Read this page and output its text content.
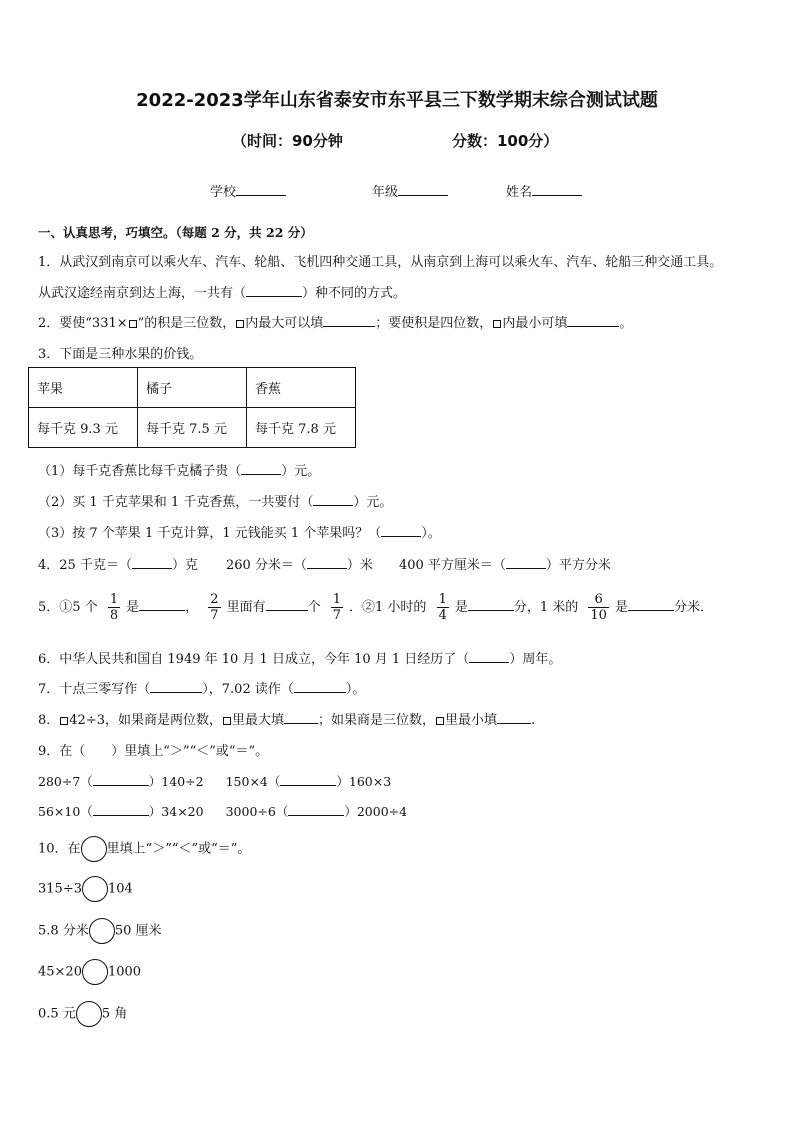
2022-2023学年山东省泰安市东平县三下数学期末综合测试试题
（时间：90分钟	分数：100分）
学校	年级	姓名
一、认真思考，巧填空。（每题 2 分，共 22 分）
1．从武汉到南京可以乘火车、汽车、轮船、飞机四种交通工具，从南京到上海可以乘火车、汽车、轮船三种交通工具。
从武汉途经南京到达上海，一共有（	）种不同的方式。
2．要使“331× ”的积是三位数， 内最大可以填	；要使积是四位数， 内最小可填	。
3．下面是三种水果的价钱。
苹果	橘子	香蕉
每千克 9.3 元	每千克 7.5 元	每千克 7.8 元
（1）每千克香蕉比每千克橘子贵（	）元。
（2）买 1 千克苹果和 1 千克香蕉，一共要付（	）元。
（3）按 7 个苹果 1 千克计算，1 元钱能买 1 个苹果吗？（	）。
4．25 千克＝（	）克 260 分米＝（	）米 400 平方厘米＝（	）平方分米
5．①5 个 $\frac{1}{8}$ 是	， $\frac{2}{7}$ 里面有	个 $\frac{1}{7}$ ．②1 小时的 $\frac{1}{4}$ 是	分，1 米的 $\frac{6}{10}$ 是	分米．
6．中华人民共和国自 1949 年 10 月 1 日成立，今年 10 月 1 日经历了（	）周年。
7．十点三零写作（	），7.02 读作（	）。
8． 42÷3，如果商是两位数， 里最大填	；如果商是三位数， 里最小填	.
9．在（　　）里填上“＞”“＜”或“＝”。
280÷7（	）140÷2 150×4（	）160×3
56×10（	）34×20 3000÷6（	）2000÷4
10．在 里填上“＞”“＜”或“＝”。
315÷3 104
5.8 分米 50 厘米
45×20 1000
0.5 元 5 角
